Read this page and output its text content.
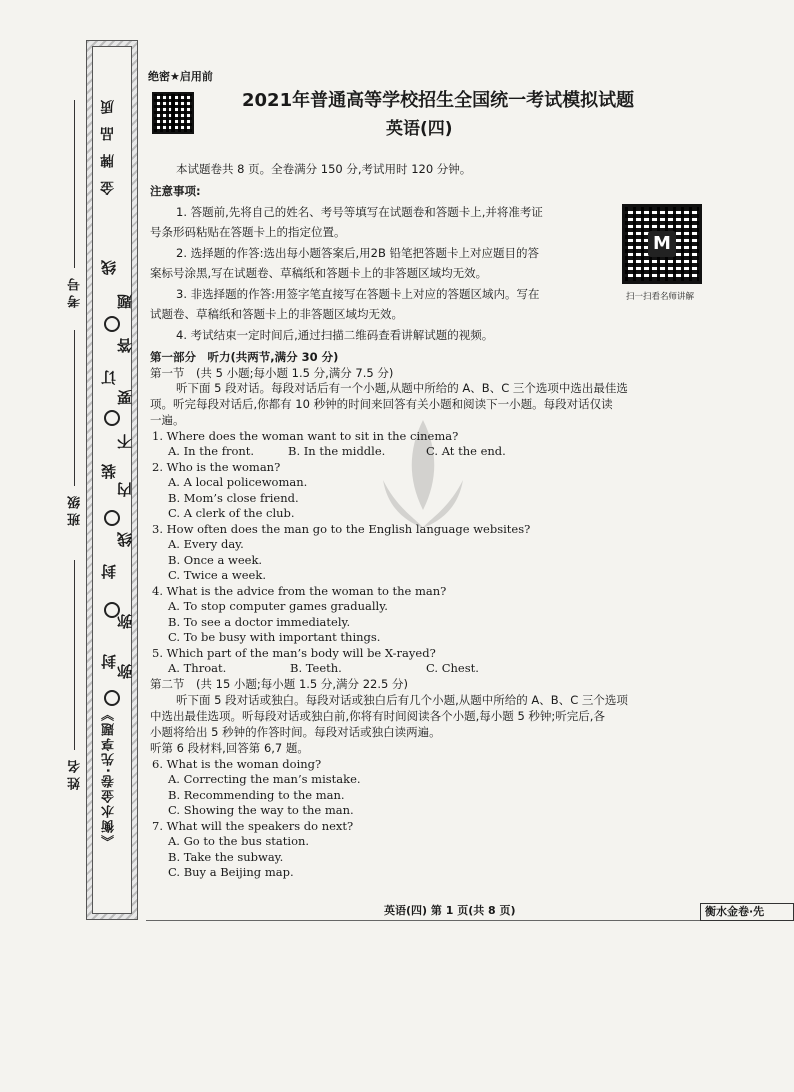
金 牌 品 质
线
题
订
答
要
装
不
内
封
线
封
弥
弥
《衡水金卷·先享题》
考号
班级
姓名
绝密★启用前
2021年普通高等学校招生全国统一考试模拟试题
英语(四)
本试题卷共 8 页。全卷满分 150 分,考试用时 120 分钟。
注意事项:
1. 答题前,先将自己的姓名、考号等填写在试题卷和答题卡上,并将准考证
号条形码粘贴在答题卡上的指定位置。
2. 选择题的作答:选出每小题答案后,用2B 铅笔把答题卡上对应题目的答
案标号涂黑,写在试题卷、草稿纸和答题卡上的非答题区域均无效。
3. 非选择题的作答:用签字笔直接写在答题卡上对应的答题区域内。写在
试题卷、草稿纸和答题卡上的非答题区域均无效。
4. 考试结束一定时间后,通过扫描二维码查看讲解试题的视频。
M
扫一扫看名师讲解
第一部分　听力(共两节,满分 30 分)
第一节　(共 5 小题;每小题 1.5 分,满分 7.5 分)
听下面 5 段对话。每段对话后有一个小题,从题中所给的 A、B、C 三个选项中选出最佳选
项。听完每段对话后,你都有 10 秒钟的时间来回答有关小题和阅读下一小题。每段对话仅读
一遍。
1. Where does the woman want to sit in the cinema?
A. In the front.	B. In the middle.	C. At the end.
2. Who is the woman?
A. A local policewoman.
B. Mom’s close friend.
C. A clerk of the club.
3. How often does the man go to the English language websites?
A. Every day.
B. Once a week.
C. Twice a week.
4. What is the advice from the woman to the man?
A. To stop computer games gradually.
B. To see a doctor immediately.
C. To be busy with important things.
5. Which part of the man’s body will be X-rayed?
A. Throat.	B. Teeth.	C. Chest.
第二节　(共 15 小题;每小题 1.5 分,满分 22.5 分)
听下面 5 段对话或独白。每段对话或独白后有几个小题,从题中所给的 A、B、C 三个选项
中选出最佳选项。听每段对话或独白前,你将有时间阅读各个小题,每小题 5 秒钟;听完后,各
小题将给出 5 秒钟的作答时间。每段对话或独白读两遍。
听第 6 段材料,回答第 6,7 题。
6. What is the woman doing?
A. Correcting the man’s mistake.
B. Recommending to the man.
C. Showing the way to the man.
7. What will the speakers do next?
A. Go to the bus station.
B. Take the subway.
C. Buy a Beijing map.
英语(四) 第 1 页(共 8 页)	衡水金卷·先
